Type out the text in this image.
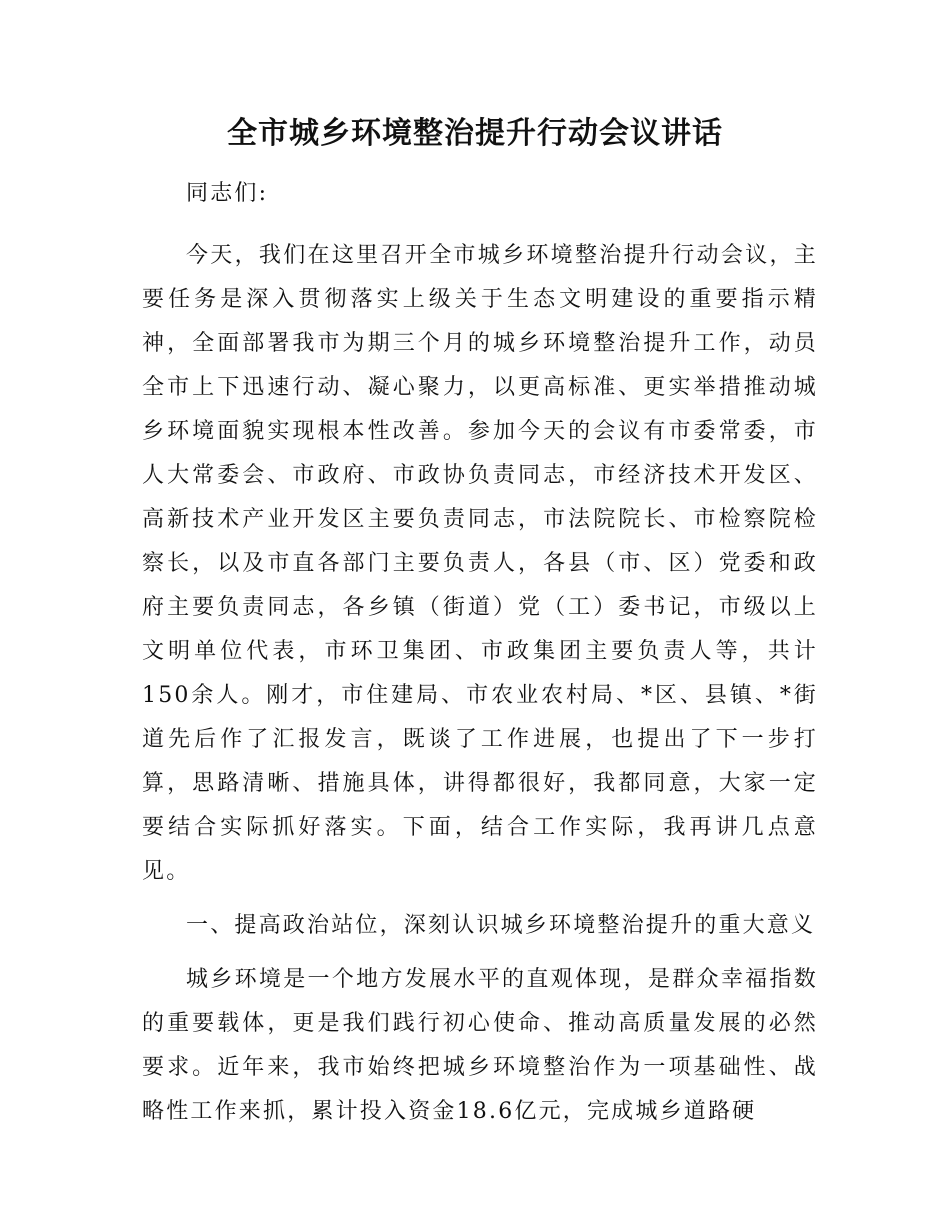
全市城乡环境整治提升行动会议讲话

同志们:

今天，我们在这里召开全市城乡环境整治提升行动会议，主要任务是深入贯彻落实上级关于生态文明建设的重要指示精神，全面部署我市为期三个月的城乡环境整治提升工作，动员全市上下迅速行动、凝心聚力，以更高标准、更实举措推动城乡环境面貌实现根本性改善。参加今天的会议有市委常委，市人大常委会、市政府、市政协负责同志，市经济技术开发区、高新技术产业开发区主要负责同志，市法院院长、市检察院检察长，以及市直各部门主要负责人，各县（市、区）党委和政府主要负责同志，各乡镇（街道）党（工）委书记，市级以上文明单位代表，市环卫集团、市政集团主要负责人等，共计150余人。刚才，市住建局、市农业农村局、*区、县镇、*街道先后作了汇报发言，既谈了工作进展，也提出了下一步打算，思路清晰、措施具体，讲得都很好，我都同意，大家一定要结合实际抓好落实。下面，结合工作实际，我再讲几点意见。

一、提高政治站位，深刻认识城乡环境整治提升的重大意义

城乡环境是一个地方发展水平的直观体现，是群众幸福指数的重要载体，更是我们践行初心使命、推动高质量发展的必然要求。近年来，我市始终把城乡环境整治作为一项基础性、战略性工作来抓，累计投入资金18.6亿元，完成城乡道路硬
